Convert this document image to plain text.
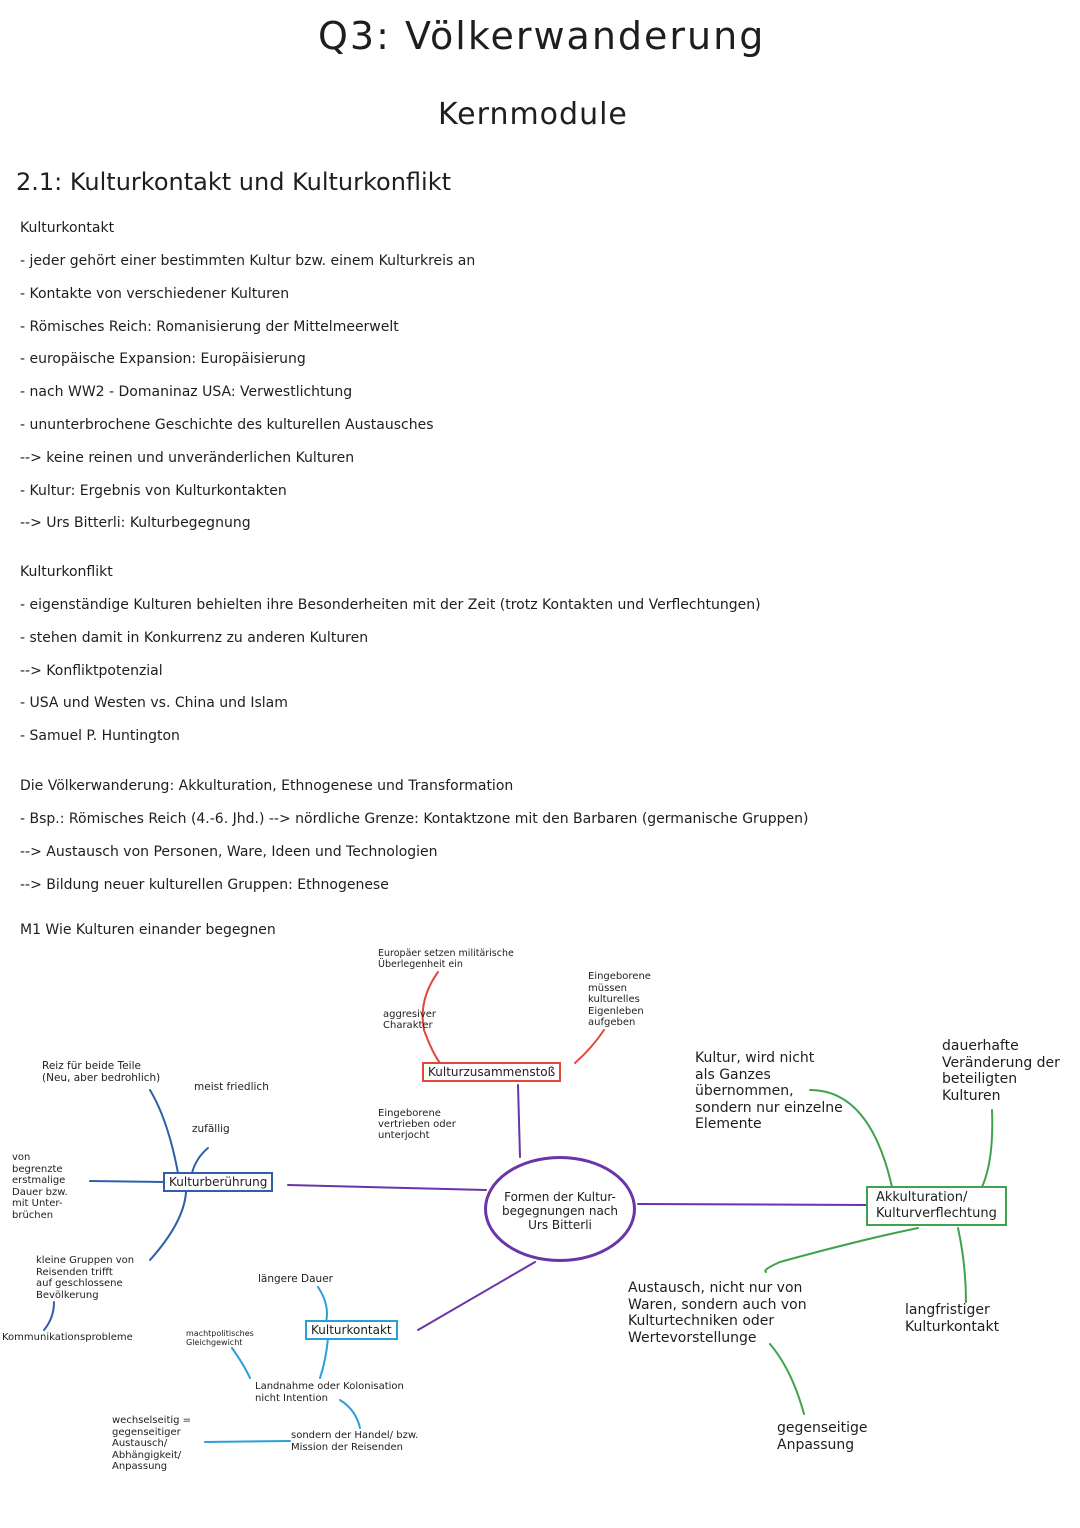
Q3: Völkerwanderung
Kernmodule
2.1: Kulturkontakt und Kulturkonflikt
Kulturkontakt
- jeder gehört einer bestimmten Kultur bzw. einem Kulturkreis an
- Kontakte von verschiedener Kulturen
- Römisches Reich: Romanisierung der Mittelmeerwelt
- europäische Expansion: Europäisierung
- nach WW2 - Domaninaz USA: Verwestlichtung
- ununterbrochene Geschichte des kulturellen Austausches
--> keine reinen und unveränderlichen Kulturen
- Kultur: Ergebnis von Kulturkontakten
--> Urs Bitterli: Kulturbegegnung
Kulturkonflikt
- eigenständige Kulturen behielten ihre Besonderheiten mit der Zeit (trotz Kontakten und Verflechtungen)
- stehen damit in Konkurrenz zu anderen Kulturen
--> Konfliktpotenzial
- USA und Westen vs. China und Islam
- Samuel P. Huntington
Die Völkerwanderung: Akkulturation, Ethnogenese und Transformation
- Bsp.: Römisches Reich (4.-6. Jhd.) --> nördliche Grenze: Kontaktzone mit den Barbaren (germanische Gruppen)
--> Austausch von Personen, Ware, Ideen und Technologien
--> Bildung neuer kulturellen Gruppen: Ethnogenese
M1 Wie Kulturen einander begegnen
Formen der Kultur-
begegnungen nach
Urs Bitterli
Kulturzusammenstoß
Europäer setzen militärische
Überlegenheit ein
aggresiver
Charakter
Eingeborene
müssen
kulturelles
Eigenleben
aufgeben
Eingeborene
vertrieben oder
unterjocht
Kulturberührung
Reiz für beide Teile
(Neu, aber bedrohlich)
meist friedlich
zufällig
von
begrenzte
erstmalige
Dauer bzw.
mit Unter-
brüchen
kleine Gruppen von
Reisenden trifft
auf geschlossene
Bevölkerung
Kommunikationsprobleme
Kulturkontakt
längere Dauer
machtpolitisches
Gleichgewicht
Landnahme oder Kolonisation
nicht Intention
wechselseitig =
gegenseitiger
Austausch/
Abhängigkeit/
Anpassung
sondern der Handel/ bzw.
Mission der Reisenden
Akkulturation/
Kulturverflechtung
Kultur, wird nicht
als Ganzes
übernommen,
sondern nur einzelne
Elemente
dauerhafte
Veränderung der
beteiligten
Kulturen
Austausch, nicht nur von
Waren, sondern auch von
Kulturtechniken oder
Wertevorstellunge
langfristiger
Kulturkontakt
gegenseitige
Anpassung
